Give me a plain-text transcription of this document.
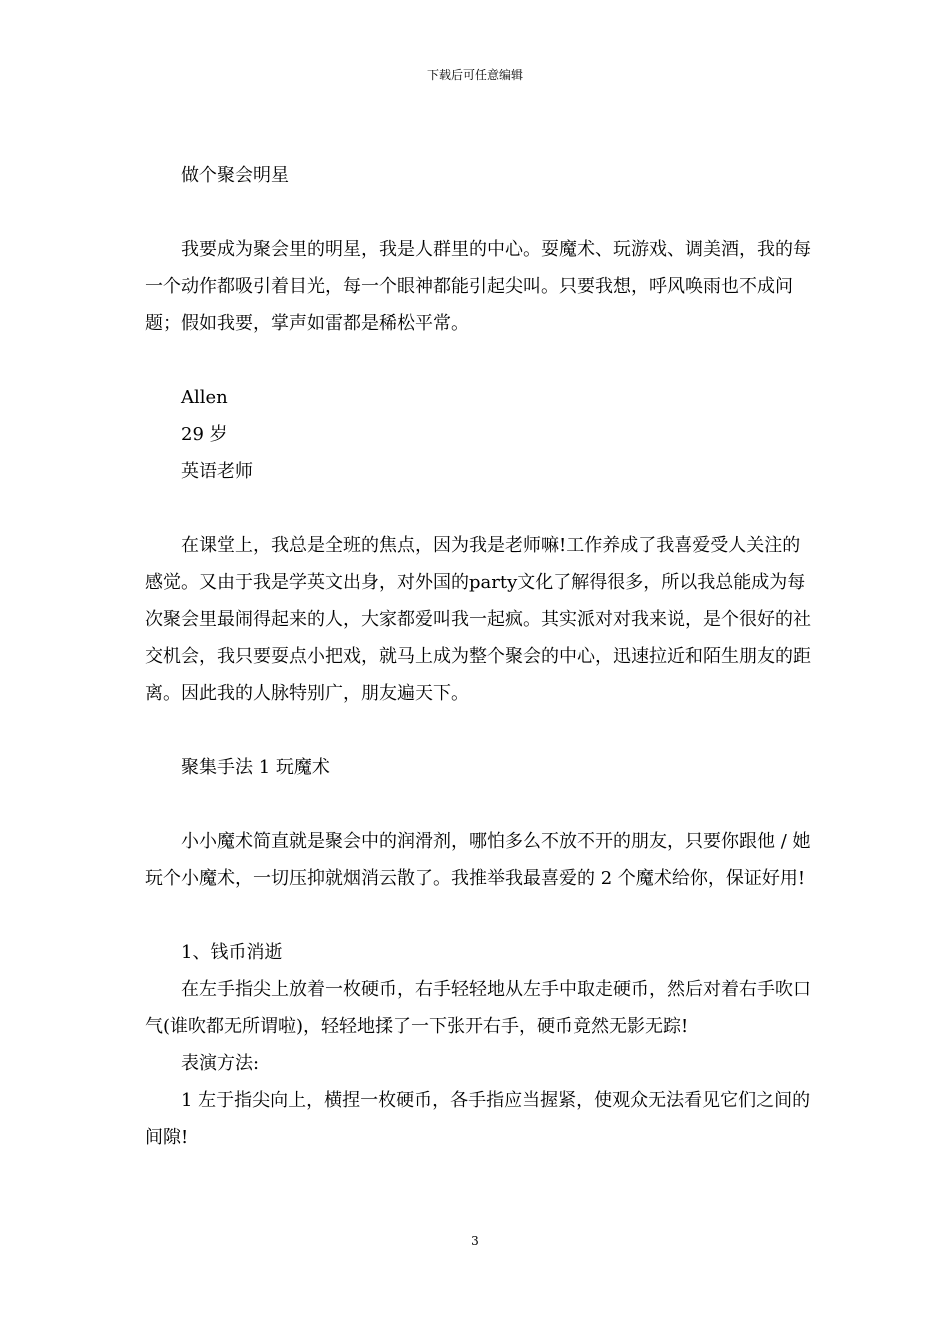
下载后可任意编辑

做个聚会明星

我要成为聚会里的明星，我是人群里的中心。耍魔术、玩游戏、调美酒，我的每一个动作都吸引着目光，每一个眼神都能引起尖叫。只要我想，呼风唤雨也不成问题；假如我要，掌声如雷都是稀松平常。

Allen

29 岁

英语老师

在课堂上，我总是全班的焦点，因为我是老师嘛!工作养成了我喜爱受人关注的感觉。又由于我是学英文出身，对外国的party文化了解得很多，所以我总能成为每次聚会里最闹得起来的人，大家都爱叫我一起疯。其实派对对我来说，是个很好的社交机会，我只要耍点小把戏，就马上成为整个聚会的中心，迅速拉近和陌生朋友的距离。因此我的人脉特别广，朋友遍天下。

聚集手法 1 玩魔术

小小魔术简直就是聚会中的润滑剂，哪怕多么不放不开的朋友，只要你跟他 / 她玩个小魔术，一切压抑就烟消云散了。我推举我最喜爱的 2 个魔术给你，保证好用!

1、钱币消逝

在左手指尖上放着一枚硬币，右手轻轻地从左手中取走硬币，然后对着右手吹口气(谁吹都无所谓啦)，轻轻地揉了一下张开右手，硬币竟然无影无踪!

表演方法:

1 左于指尖向上，横捏一枚硬币，各手指应当握紧，使观众无法看见它们之间的间隙!

3
